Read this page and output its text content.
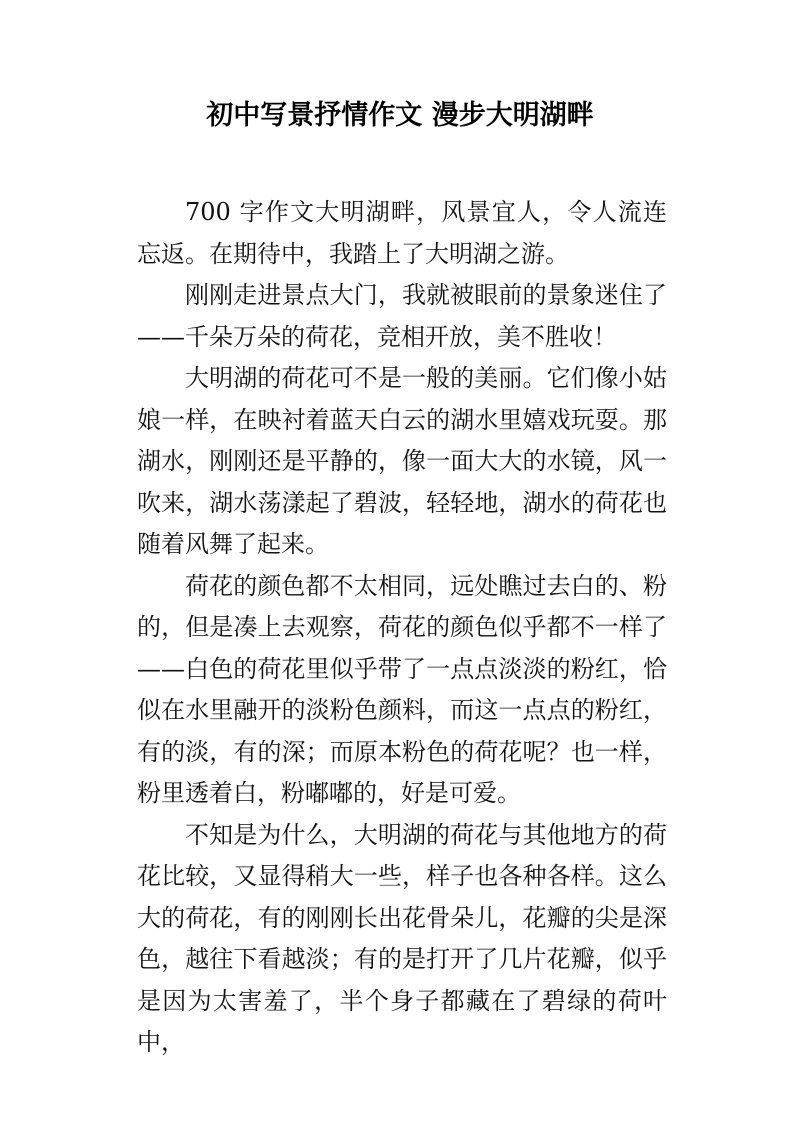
初中写景抒情作文 漫步大明湖畔

700 字作文大明湖畔，风景宜人，令人流连忘返。在期待中，我踏上了大明湖之游。

刚刚走进景点大门，我就被眼前的景象迷住了——千朵万朵的荷花，竞相开放，美不胜收！

大明湖的荷花可不是一般的美丽。它们像小姑娘一样，在映衬着蓝天白云的湖水里嬉戏玩耍。那湖水，刚刚还是平静的，像一面大大的水镜，风一吹来，湖水荡漾起了碧波，轻轻地，湖水的荷花也随着风舞了起来。

荷花的颜色都不太相同，远处瞧过去白的、粉的，但是凑上去观察，荷花的颜色似乎都不一样了——白色的荷花里似乎带了一点点淡淡的粉红，恰似在水里融开的淡粉色颜料，而这一点点的粉红，有的淡，有的深；而原本粉色的荷花呢？也一样，粉里透着白，粉嘟嘟的，好是可爱。

不知是为什么，大明湖的荷花与其他地方的荷花比较，又显得稍大一些，样子也各种各样。这么大的荷花，有的刚刚长出花骨朵儿，花瓣的尖是深色，越往下看越淡；有的是打开了几片花瓣，似乎是因为太害羞了，半个身子都藏在了碧绿的荷叶中，
